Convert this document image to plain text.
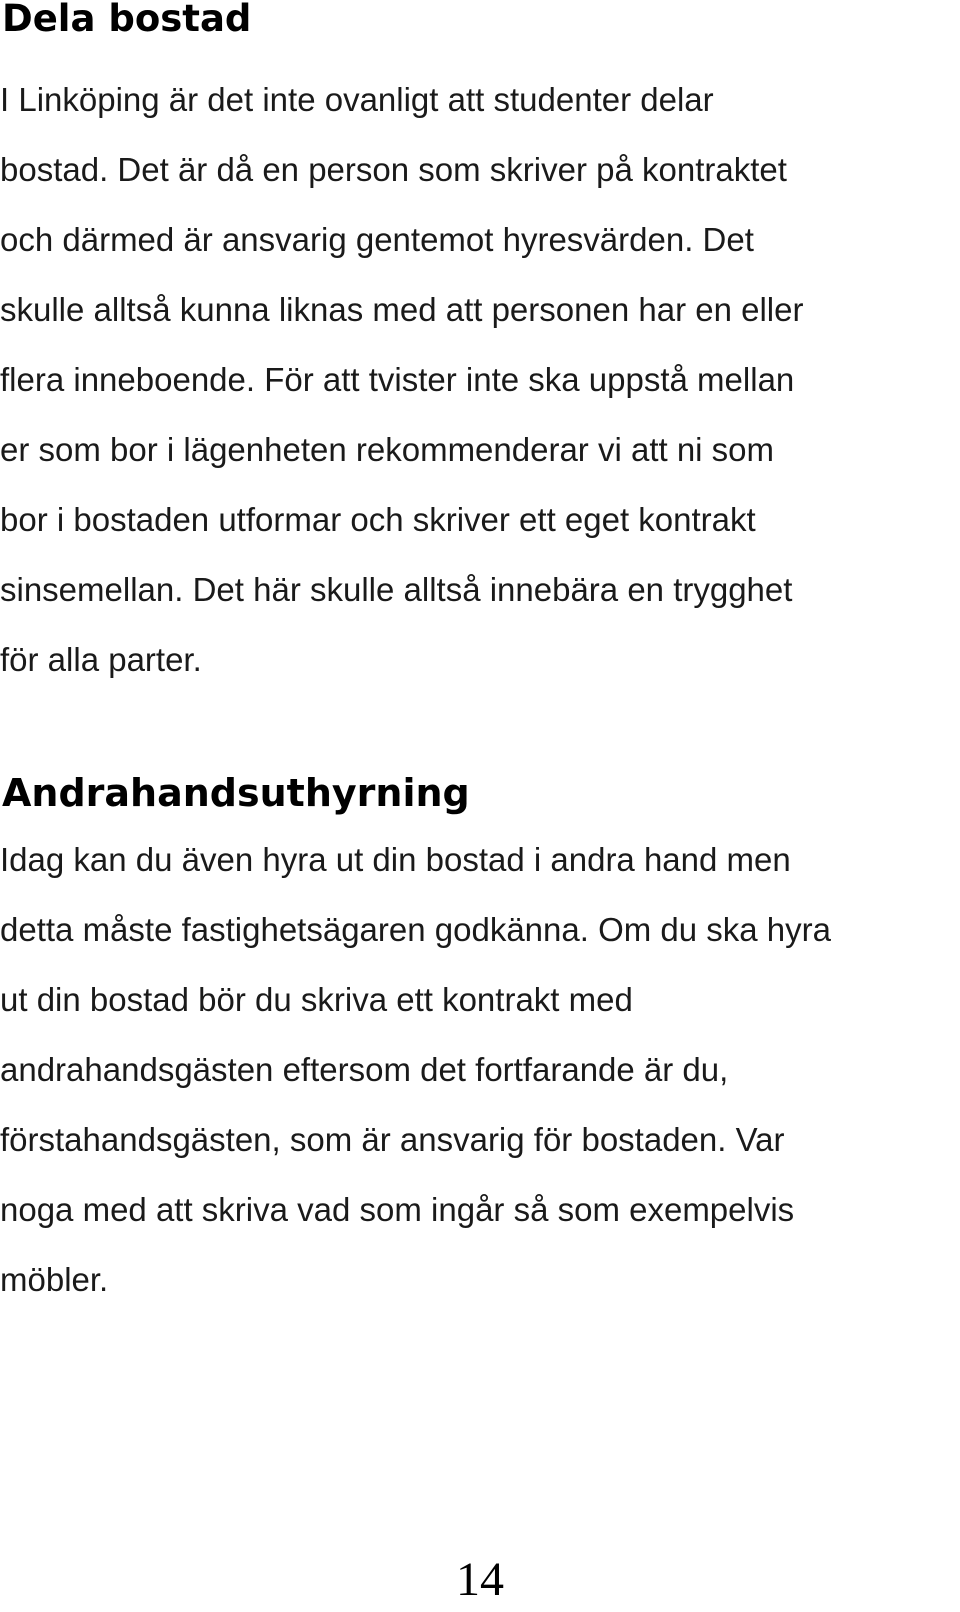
Dela bostad

I Linköping är det inte ovanligt att studenter delar
bostad. Det är då en person som skriver på kontraktet
och därmed är ansvarig gentemot hyresvärden. Det
skulle alltså kunna liknas med att personen har en eller
flera inneboende. För att tvister inte ska uppstå mellan
er som bor i lägenheten rekommenderar vi att ni som
bor i bostaden utformar och skriver ett eget kontrakt
sinsemellan. Det här skulle alltså innebära en trygghet
för alla parter.

Andrahandsuthyrning

Idag kan du även hyra ut din bostad i andra hand men
detta måste fastighetsägaren godkänna. Om du ska hyra
ut din bostad bör du skriva ett kontrakt med
andrahandsgästen eftersom det fortfarande är du,
förstahandsgästen, som är ansvarig för bostaden. Var
noga med att skriva vad som ingår så som exempelvis
möbler.

14
